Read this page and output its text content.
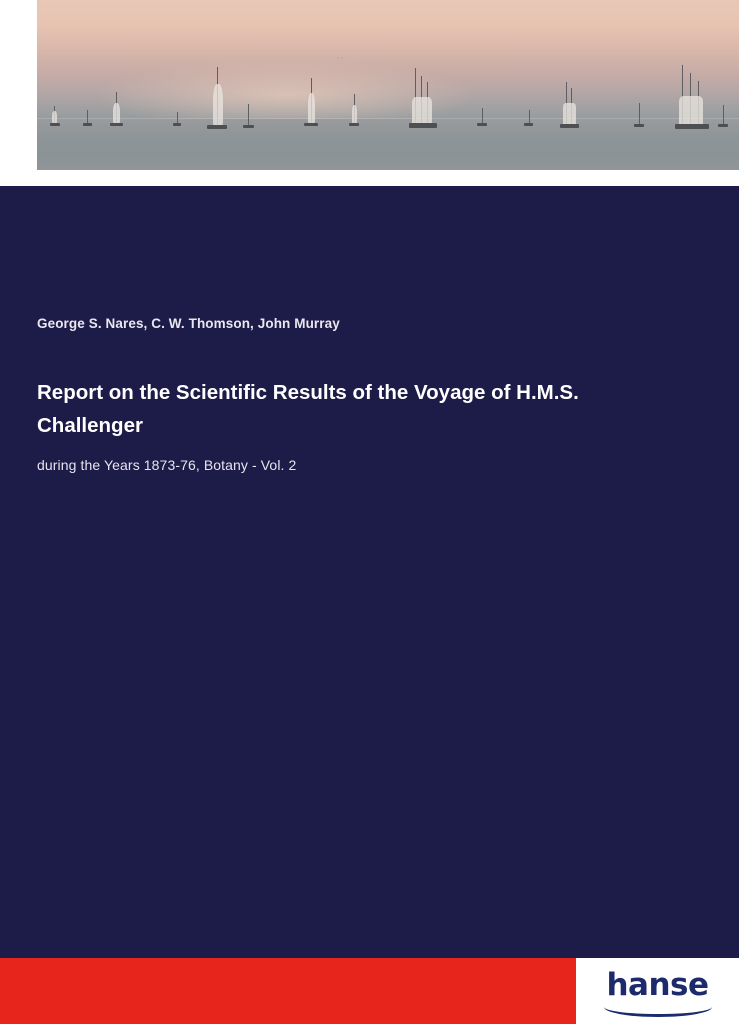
˯ ˯
George S. Nares, C. W. Thomson, John Murray
Report on the Scientific Results of the Voyage of H.M.S. Challenger
during the Years 1873-76, Botany - Vol. 2
hanse
